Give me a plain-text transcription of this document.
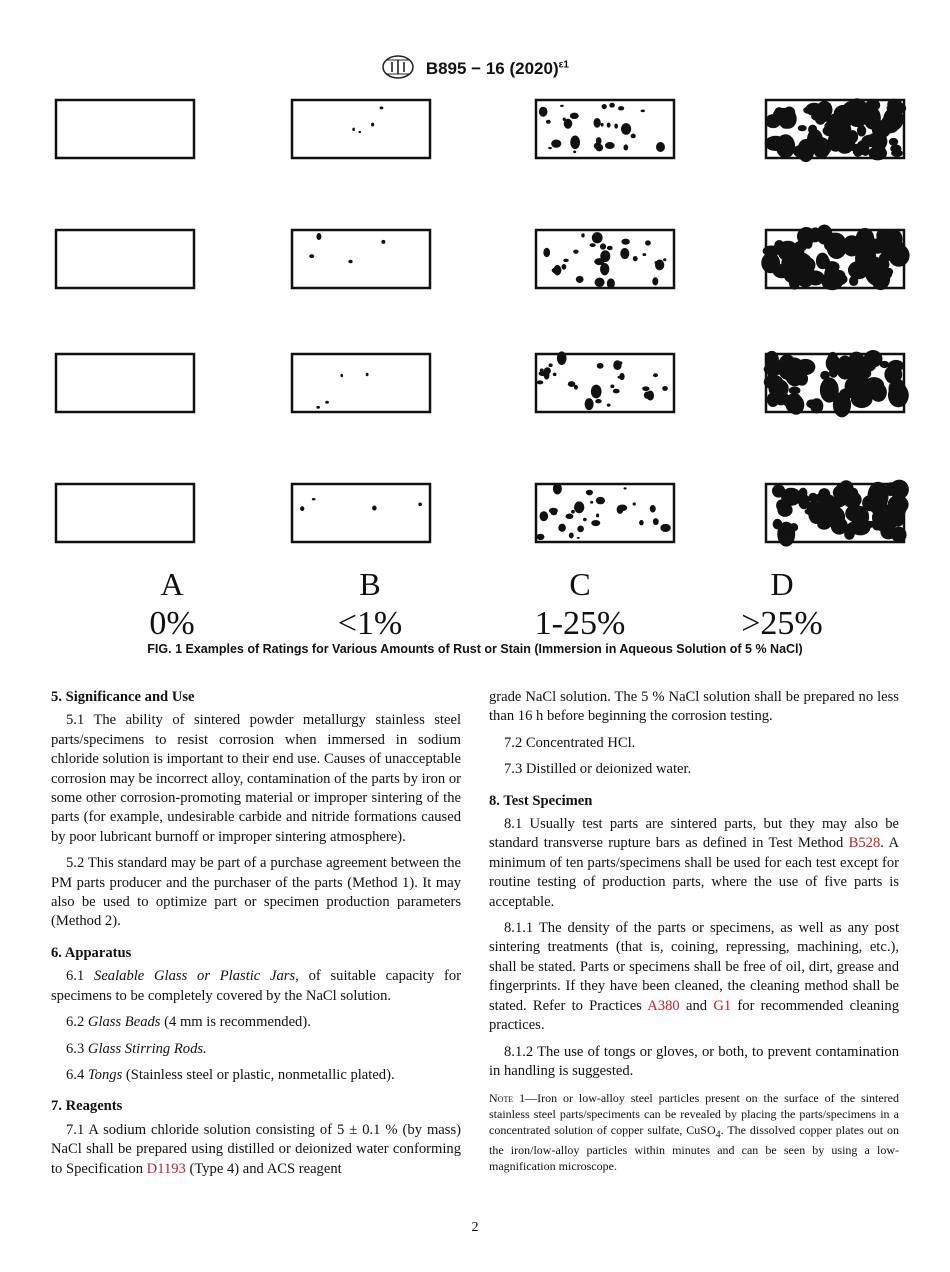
B895 − 16 $(2020)^{\varepsilon 1}$
A
0%
B
<1%
C
1-25%
D
>25%
FIG. 1 Examples of Ratings for Various Amounts of Rust or Stain (Immersion in Aqueous Solution of 5 % NaCl)
5. Significance and Use

5.1 The ability of sintered powder metallurgy stainless steel parts/specimens to resist corrosion when immersed in sodium chloride solution is important to their end use. Causes of unacceptable corrosion may be incorrect alloy, contamination of the parts by iron or some other corrosion-promoting material or improper sintering of the parts (for example, undesirable carbide and nitride formations caused by poor lubricant burnoff or improper sintering atmosphere).

5.2 This standard may be part of a purchase agreement between the PM parts producer and the purchaser of the parts (Method 1). It may also be used to optimize part or specimen production parameters (Method 2).

6. Apparatus

6.1 Sealable Glass or Plastic Jars, of suitable capacity for specimens to be completely covered by the NaCl solution.

6.2 Glass Beads (4 mm is recommended).

6.3 Glass Stirring Rods.

6.4 Tongs (Stainless steel or plastic, nonmetallic plated).

7. Reagents

7.1 A sodium chloride solution consisting of 5 ± 0.1 % (by mass) NaCl shall be prepared using distilled or deionized water conforming to Specification D1193 (Type 4) and ACS reagent

grade NaCl solution. The 5 % NaCl solution shall be prepared no less than 16 h before beginning the corrosion testing.

7.2 Concentrated HCl.

7.3 Distilled or deionized water.

8. Test Specimen

8.1 Usually test parts are sintered parts, but they may also be standard transverse rupture bars as defined in Test Method B528. A minimum of ten parts/specimens shall be used for each test except for routine testing of production parts, where the use of five parts is acceptable.

8.1.1 The density of the parts or specimens, as well as any post sintering treatments (that is, coining, repressing, machining, etc.), shall be stated. Parts or specimens shall be free of oil, dirt, grease and fingerprints. If they have been cleaned, the cleaning method shall be stated. Refer to Practices A380 and G1 for recommended cleaning practices.

8.1.2 The use of tongs or gloves, or both, to prevent contamination in handling is suggested.

Note 1—Iron or low-alloy steel particles present on the surface of the sintered stainless steel parts/speciments can be revealed by placing the parts/specimens in a concentrated solution of copper sulfate, CuSO$_4$. The dissolved copper plates out on the iron/low-alloy particles within minutes and can be seen by using a low-magnification microscope.

2
